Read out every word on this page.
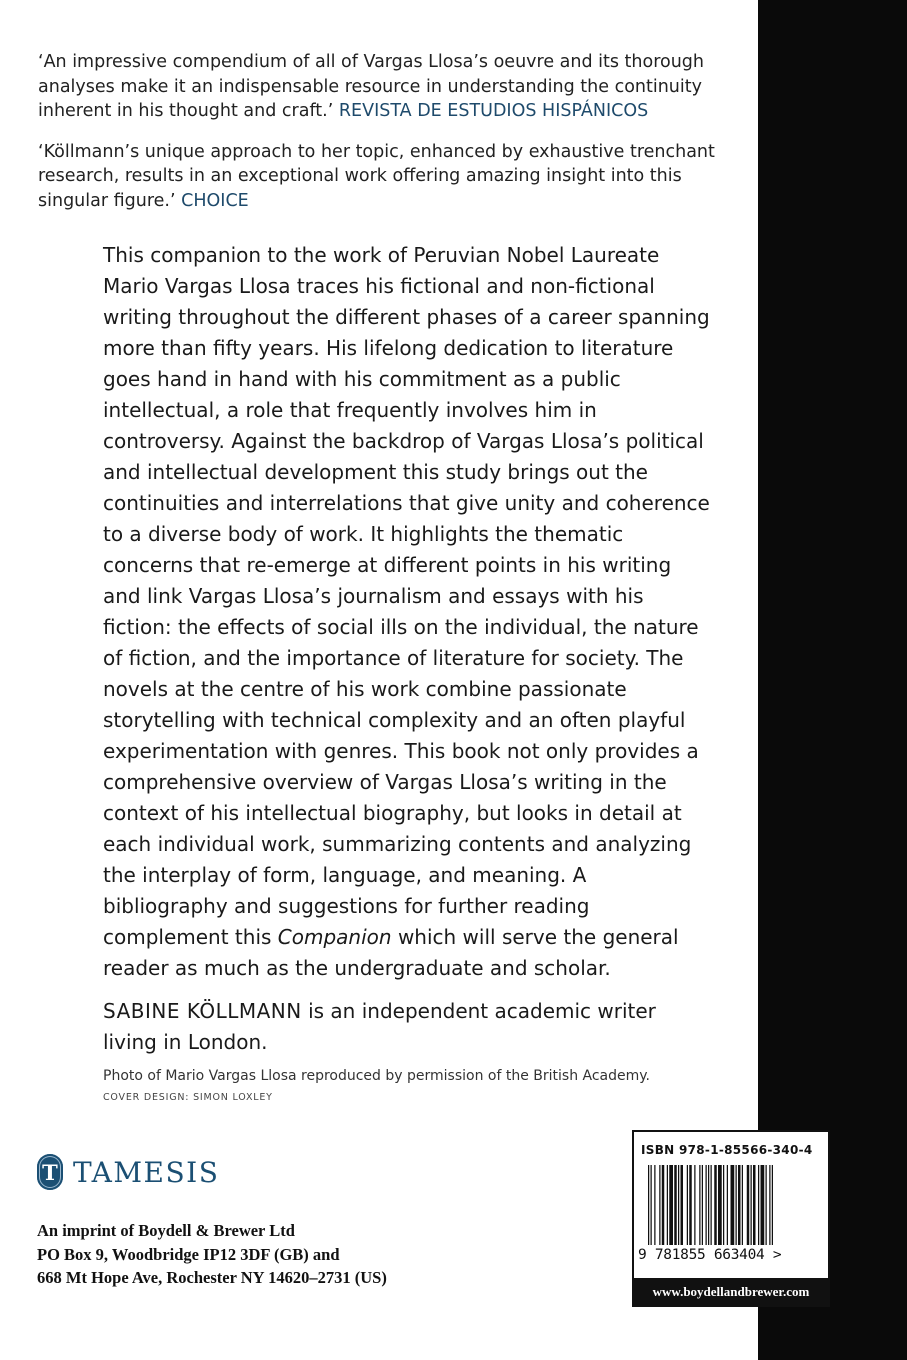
‘An impressive compendium of all of Vargas Llosa’s oeuvre and its thorough analyses make it an indispensable resource in understanding the continuity inherent in his thought and craft.’ REVISTA DE ESTUDIOS HISPÁNICOS

‘Köllmann’s unique approach to her topic, enhanced by exhaustive trenchant research, results in an exceptional work offering amazing insight into this singular figure.’ CHOICE

This companion to the work of Peruvian Nobel Laureate Mario Vargas Llosa traces his fictional and non-fictional writing throughout the different phases of a career spanning more than fifty years. His lifelong dedication to literature goes hand in hand with his commitment as a public intellectual, a role that frequently involves him in controversy. Against the backdrop of Vargas Llosa’s political and intellectual development this study brings out the continuities and interrelations that give unity and coherence to a diverse body of work. It highlights the thematic concerns that re-emerge at different points in his writing and link Vargas Llosa’s journalism and essays with his fiction: the effects of social ills on the individual, the nature of fiction, and the importance of literature for society. The novels at the centre of his work combine passionate storytelling with technical complexity and an often playful experimentation with genres. This book not only provides a comprehensive overview of Vargas Llosa’s writing in the context of his intellectual biography, but looks in detail at each individual work, summarizing contents and analyzing the interplay of form, language, and meaning. A bibliography and suggestions for further reading complement this Companion which will serve the general reader as much as the undergraduate and scholar.

SABINE KÖLLMANN is an independent academic writer living in London.

Photo of Mario Vargas Llosa reproduced by permission of the British Academy.

COVER DESIGN: SIMON LOXLEY

T TAMESIS
An imprint of Boydell & Brewer Ltd
PO Box 9, Woodbridge IP12 3DF (GB) and
668 Mt Hope Ave, Rochester NY 14620–2731 (US)
ISBN 978-1-85566-340-4
9 781855 663404 >
www.boydellandbrewer.com
